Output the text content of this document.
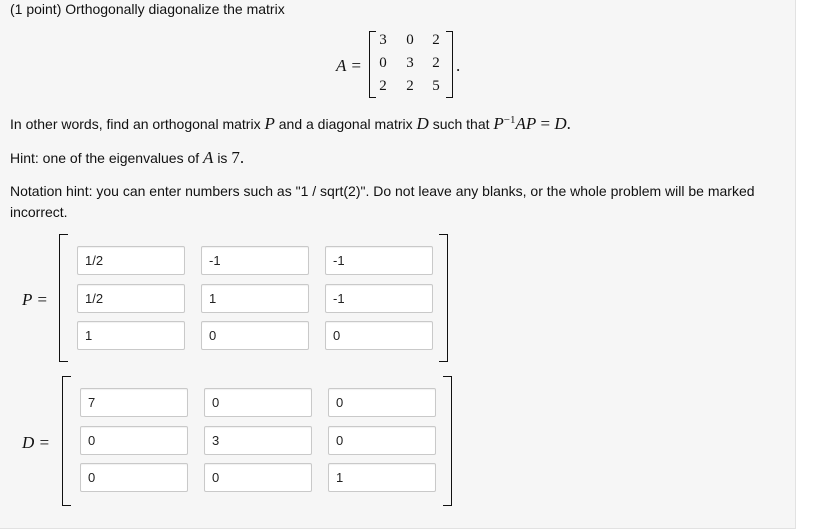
(1 point) Orthogonally diagonalize the matrix
A =
3 0 2
0 3 2
2 2 5
.
In other words, find an orthogonal matrix P and a diagonal matrix D such that $P^{-1}AP = D$.
Hint: one of the eigenvalues of A is 7.
Notation hint: you can enter numbers such as "1 / sqrt(2)". Do not leave any blanks, or the whole problem will be marked
incorrect.
P =
1/2
-1
-1
1/2
1
-1
1
0
0
D =
7
0
0
0
3
0
0
0
1
